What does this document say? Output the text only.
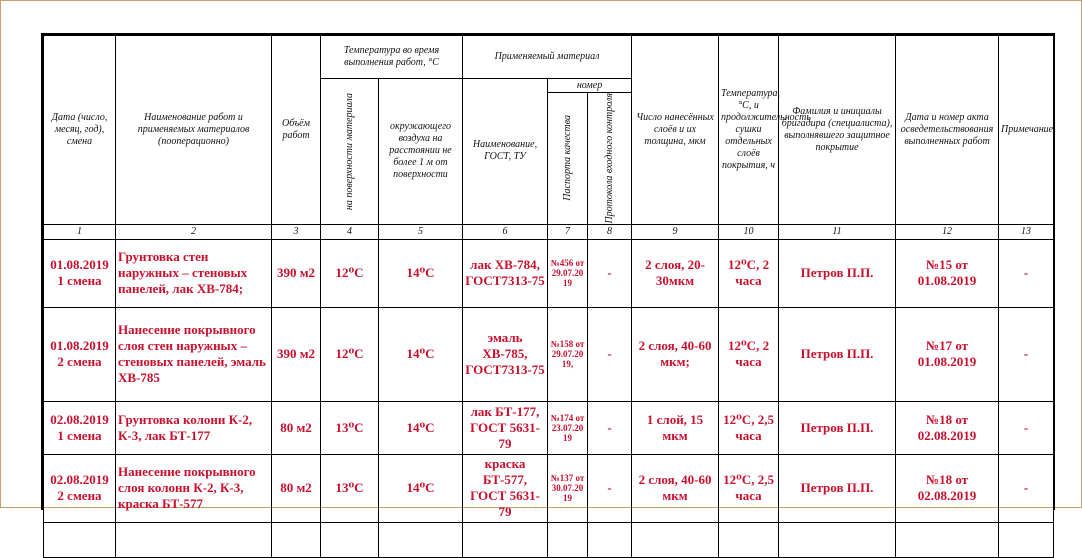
Дата (число, месяц, год), смена	Наименование работ и применяемых материалов (пооперационно)	Объём работ	Температура во время выполнения работ, °С		Применяемый материал			Число нанесённых слоёв и их толщина, мкм	Температура, °С, и продолжительность сушки отдельных слоёв покрытия, ч	Фамилия и инициалы бригадира (специалиста), выполнявшего защитное покрытие	Дата и номер акта осведетельствования выполненных работ	Примечание

			на поверхности материала	окружающего воздуха на расстоянии не более 1 м от поверхности	Наименование, ГОСТ, ТУ	номер						

						Паспорта качества	Протокола входного контроля					

1	2	3	4	5	6	7	8	9	10	11	12	13
01.08.2019 1 смена	Грунтовка стен наружных – стеновых панелей, лак ХВ-784;	390 м2	12⁰С	14⁰С	лак ХВ-784, ГОСТ7313-75	№456 от 29.07.20 19	-	2 слоя, 20-30мкм	12⁰С, 2 часа	Петров П.П.	№15 от 01.08.2019	-
01.08.2019 2 смена	Нанесение покрывного слоя стен наружных – стеновых панелей, эмаль ХВ-785	390 м2	12⁰С	14⁰С	эмаль ХВ-785, ГОСТ7313-75	№158 от 29.07.20 19,	-	2 слоя, 40-60 мкм;	12⁰С, 2 часа	Петров П.П.	№17 от 01.08.2019	-
02.08.2019 1 смена	Грунтовка колонн К-2, К-3, лак БТ-177	80 м2	13⁰С	14⁰С	лак БТ-177, ГОСТ 5631-79	№174 от 23.07.20 19	-	1 слой, 15 мкм	12⁰С, 2,5 часа	Петров П.П.	№18 от 02.08.2019	-
02.08.2019 2 смена	Нанесение покрывного слоя колонн К-2, К-3, краска БТ-577	80 м2	13⁰С	14⁰С	краска БТ-577, ГОСТ 5631-79	№137 от 30.07.20 19	-	2 слоя, 40-60 мкм	12⁰С, 2,5 часа	Петров П.П.	№18 от 02.08.2019	-
